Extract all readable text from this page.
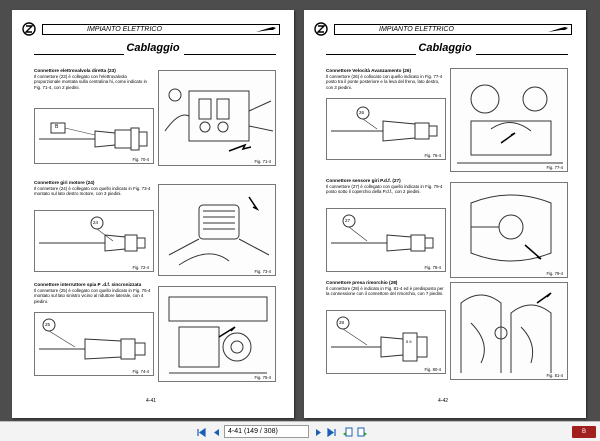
IMPIANTO ELETTRICO
Cablaggio
Connettore elettrovalvola diretta (23)

Il connettore (23) è collegato con l'elettrovalvola proporzionale montata sulla centralina hi, come indicato in Fig. 71-4, con 2 piedini.

B
Fig. 70-4	Fig. 71-4
Connettore giri motore (24)

Il connettore (24) è collegato con quello indicato in Fig. 73-4 montato sul lato destro motore, con 3 piedini.

24
Fig. 72-4
Fig. 73-4
Connettore interruttore spia P .d.f. sincronizzata

Il connettore (25) è collegato con quello indicato in Fig. 75-4 montato sul lato sinistro vicino al riduttore laterale, con 4 piedini.

25
Fig. 74-4
Fig. 75-4
4-41
IMPIANTO ELETTRICO
Cablaggio
Connettore Velocità Avanzamento (26)

Il connettore (26) è collocato con quello indicato in Fig. 77-4 posto tra il ponte posteriore e la leva del freno, lato destro, con 3 piedini.

26
Fig. 76-4
Fig. 77-4
Connettore sensore giri P.d.f. (27)

Il connettore (27) è collegato con quello indicato in Fig. 79-4 posto sotto il coperchio della P.d.f., con 2 piedini.

27
Fig. 78-4
Fig. 79-4
Connettore presa rimorchio (28)

Il connettore (28) è indicato in Fig. 81-4 ed è predisposto per la connessione con il connettore del rimorchio, con 7 piedini.

28
5 6
Fig. 80-4
Fig. 81-4
4-42
4-41 (149 / 308)	B
